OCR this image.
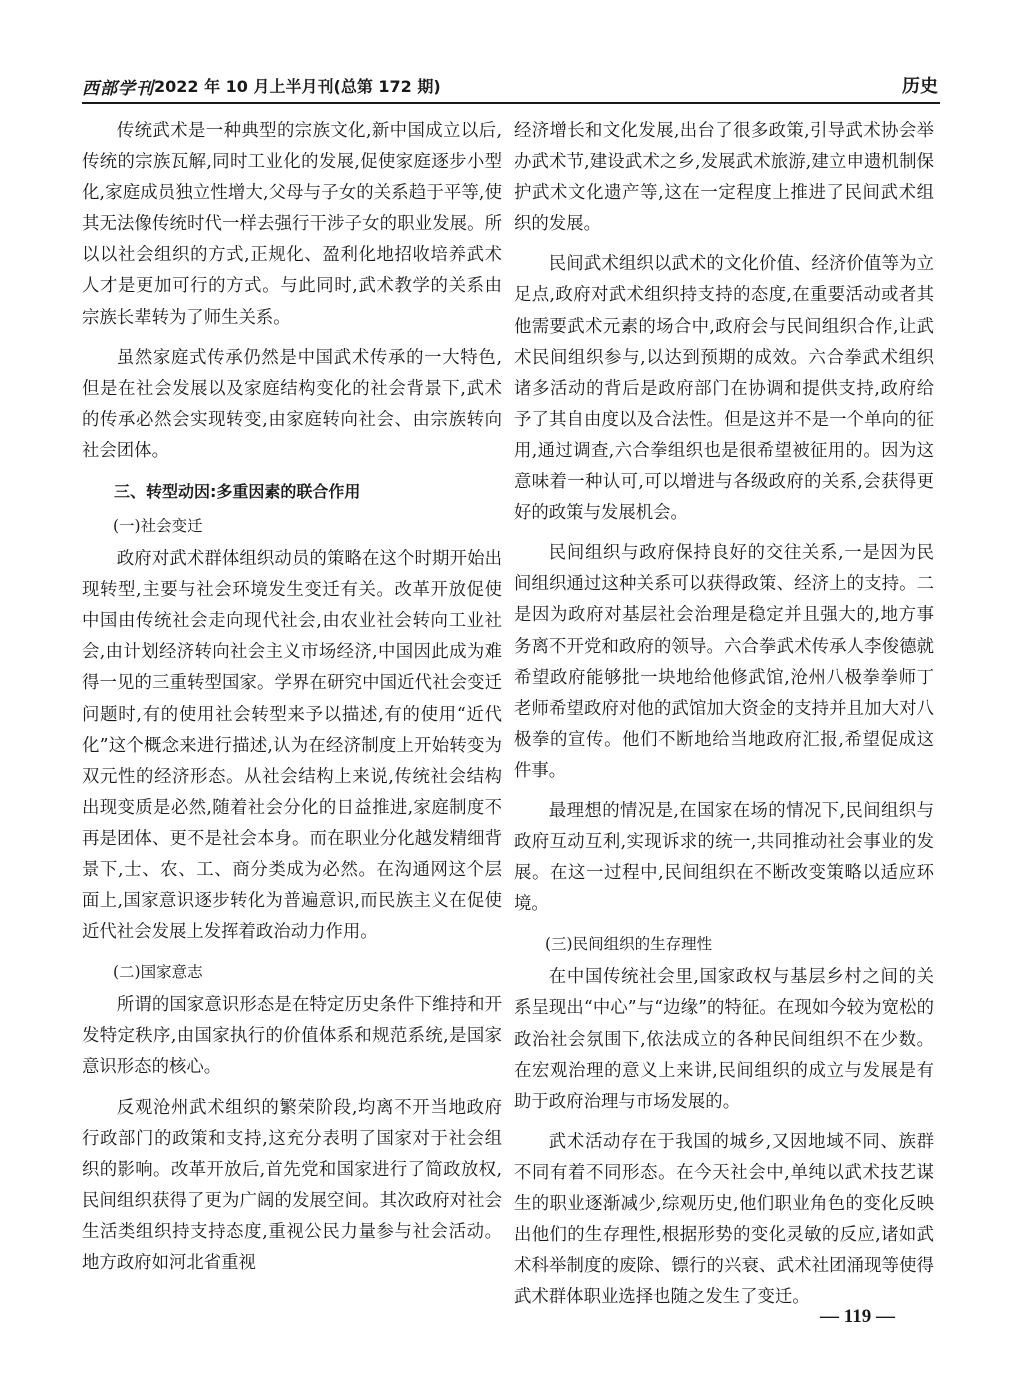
西部学刊 2022 年 10 月上半月刊(总第 172 期)	历史

传统武术是一种典型的宗族文化,新中国成立以后,传统的宗族瓦解,同时工业化的发展,促使家庭逐步小型化,家庭成员独立性增大,父母与子女的关系趋于平等,使其无法像传统时代一样去强行干涉子女的职业发展。所以以社会组织的方式,正规化、盈利化地招收培养武术人才是更加可行的方式。与此同时,武术教学的关系由宗族长辈转为了师生关系。

虽然家庭式传承仍然是中国武术传承的一大特色,但是在社会发展以及家庭结构变化的社会背景下,武术的传承必然会实现转变,由家庭转向社会、由宗族转向社会团体。

三、转型动因:多重因素的联合作用
(一)社会变迁

政府对武术群体组织动员的策略在这个时期开始出现转型,主要与社会环境发生变迁有关。改革开放促使中国由传统社会走向现代社会,由农业社会转向工业社会,由计划经济转向社会主义市场经济,中国因此成为难得一见的三重转型国家。学界在研究中国近代社会变迁问题时,有的使用社会转型来予以描述,有的使用“近代化”这个概念来进行描述,认为在经济制度上开始转变为双元性的经济形态。从社会结构上来说,传统社会结构出现变质是必然,随着社会分化的日益推进,家庭制度不再是团体、更不是社会本身。而在职业分化越发精细背景下,士、农、工、商分类成为必然。在沟通网这个层面上,国家意识逐步转化为普遍意识,而民族主义在促使近代社会发展上发挥着政治动力作用。

(二)国家意志

所谓的国家意识形态是在特定历史条件下维持和开发特定秩序,由国家执行的价值体系和规范系统,是国家意识形态的核心。

反观沧州武术组织的繁荣阶段,均离不开当地政府行政部门的政策和支持,这充分表明了国家对于社会组织的影响。改革开放后,首先党和国家进行了简政放权,民间组织获得了更为广阔的发展空间。其次政府对社会生活类组织持支持态度,重视公民力量参与社会活动。地方政府如河北省重视

经济增长和文化发展,出台了很多政策,引导武术协会举办武术节,建设武术之乡,发展武术旅游,建立申遗机制保护武术文化遗产等,这在一定程度上推进了民间武术组织的发展。

民间武术组织以武术的文化价值、经济价值等为立足点,政府对武术组织持支持的态度,在重要活动或者其他需要武术元素的场合中,政府会与民间组织合作,让武术民间组织参与,以达到预期的成效。六合拳武术组织诸多活动的背后是政府部门在协调和提供支持,政府给予了其自由度以及合法性。但是这并不是一个单向的征用,通过调查,六合拳组织也是很希望被征用的。因为这意味着一种认可,可以增进与各级政府的关系,会获得更好的政策与发展机会。

民间组织与政府保持良好的交往关系,一是因为民间组织通过这种关系可以获得政策、经济上的支持。二是因为政府对基层社会治理是稳定并且强大的,地方事务离不开党和政府的领导。六合拳武术传承人李俊德就希望政府能够批一块地给他修武馆,沧州八极拳拳师丁老师希望政府对他的武馆加大资金的支持并且加大对八极拳的宣传。他们不断地给当地政府汇报,希望促成这件事。

最理想的情况是,在国家在场的情况下,民间组织与政府互动互利,实现诉求的统一,共同推动社会事业的发展。在这一过程中,民间组织在不断改变策略以适应环境。

(三)民间组织的生存理性

在中国传统社会里,国家政权与基层乡村之间的关系呈现出“中心”与“边缘”的特征。在现如今较为宽松的政治社会氛围下,依法成立的各种民间组织不在少数。在宏观治理的意义上来讲,民间组织的成立与发展是有助于政府治理与市场发展的。

武术活动存在于我国的城乡,又因地域不同、族群不同有着不同形态。在今天社会中,单纯以武术技艺谋生的职业逐渐减少,综观历史,他们职业角色的变化反映出他们的生存理性,根据形势的变化灵敏的反应,诸如武术科举制度的废除、镖行的兴衰、武术社团涌现等使得武术群体职业选择也随之发生了变迁。

— 119 —
